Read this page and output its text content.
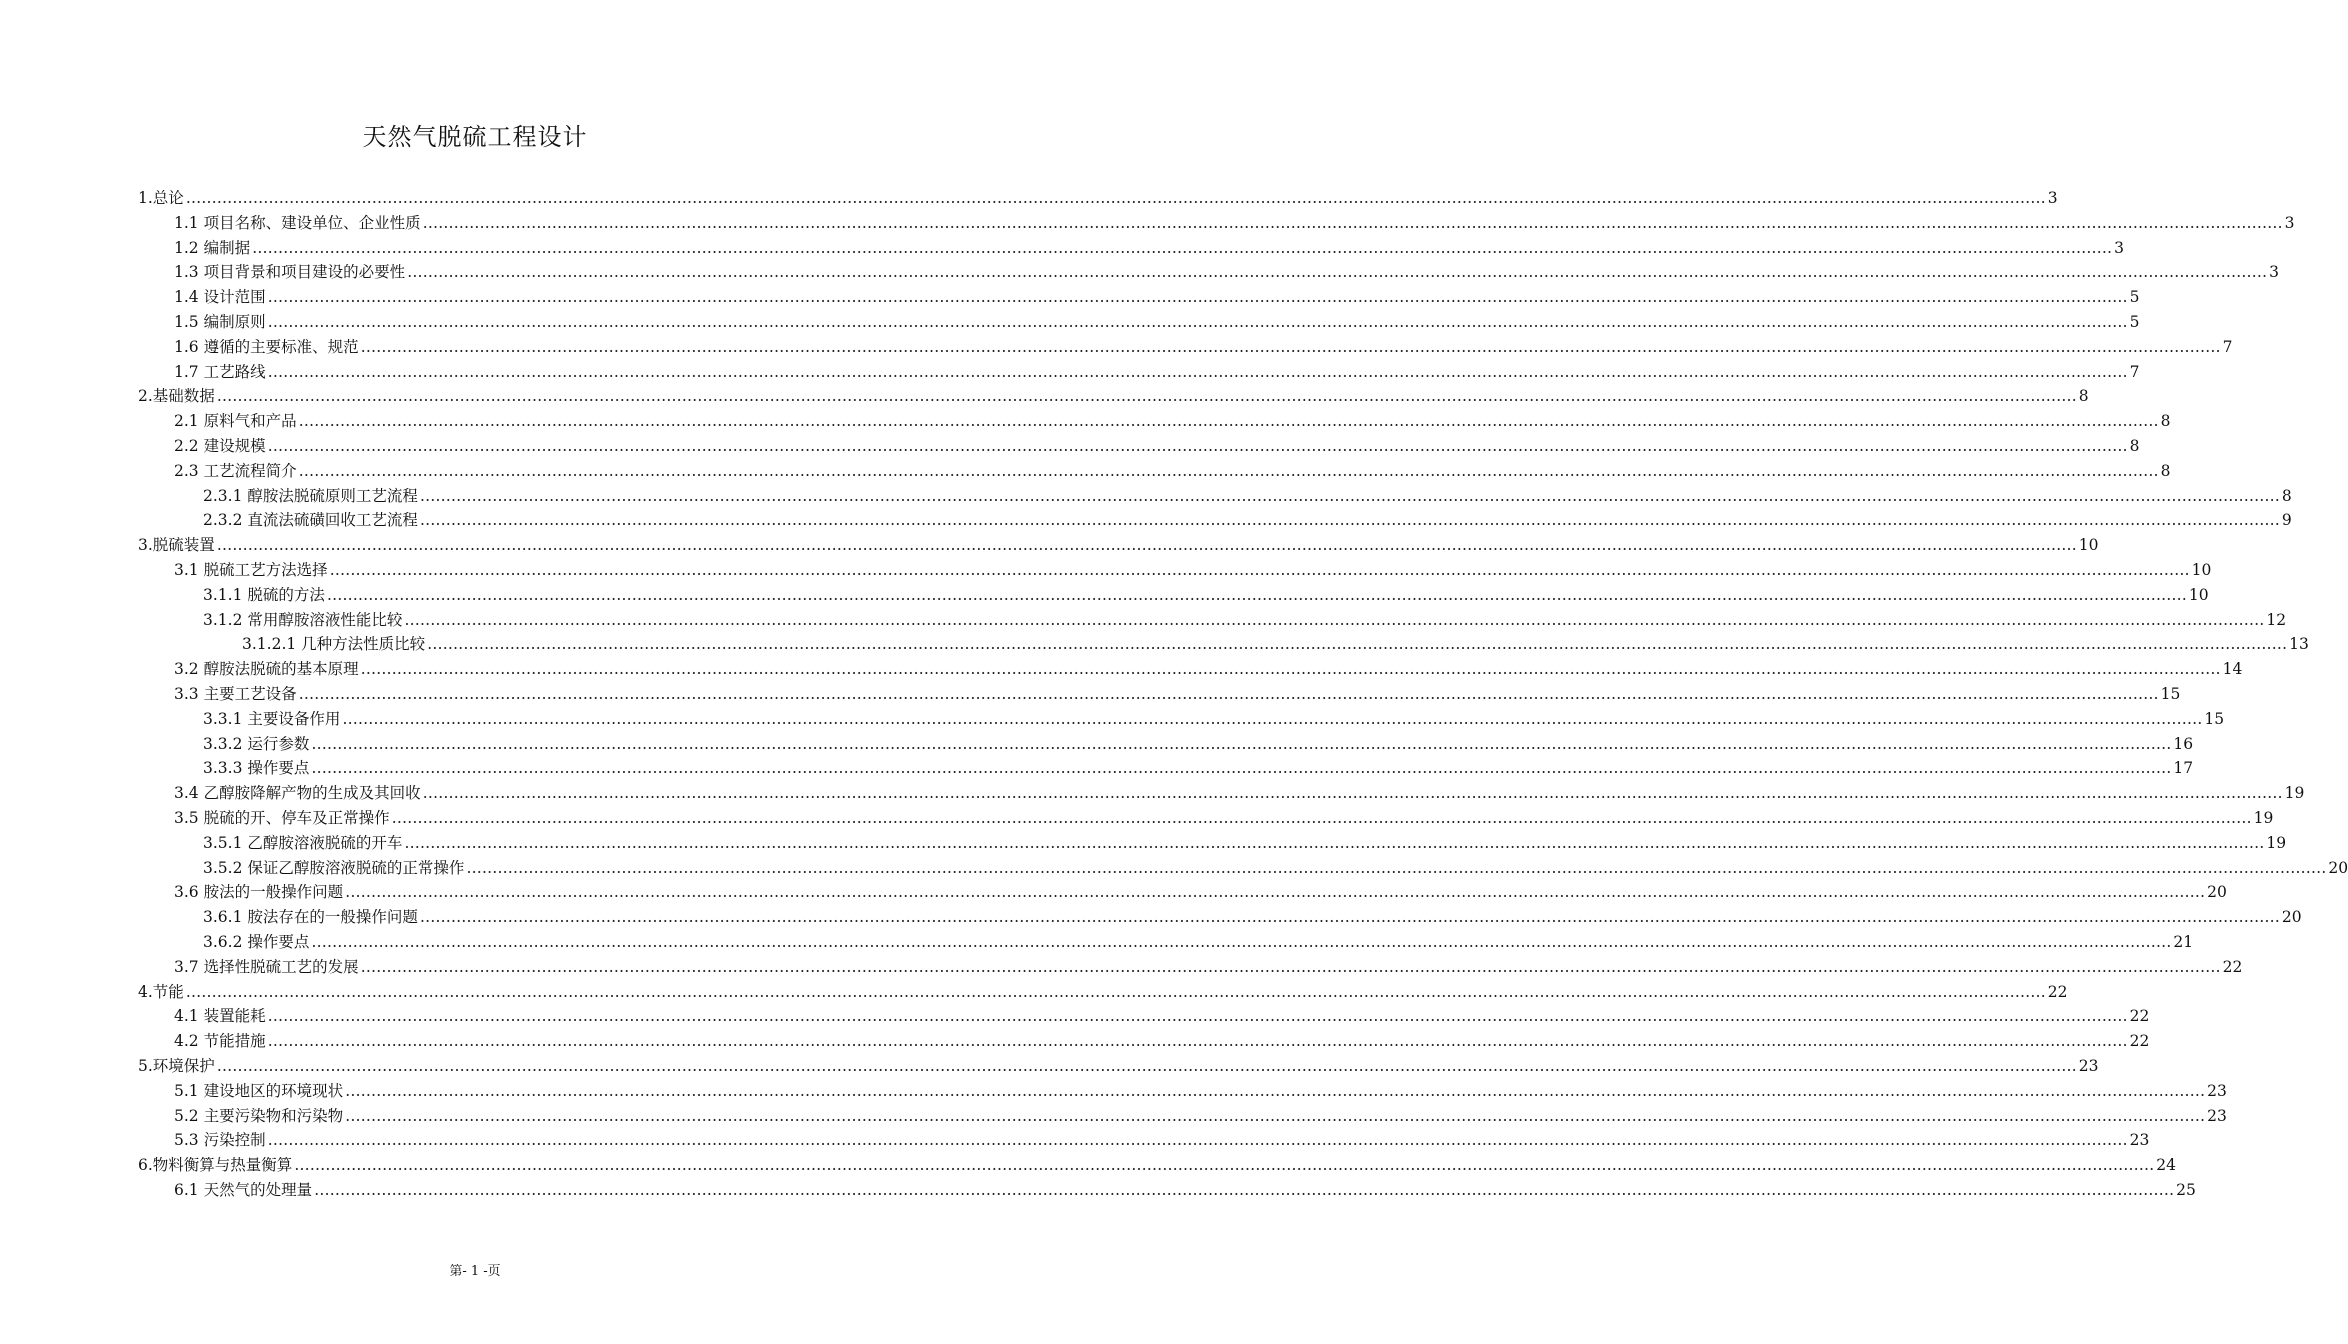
天然气脱硫工程设计
1.总论 ……………………………………………………………………………………………………………………………………………………………………………………………………………………………………………………………………………………………………………………………… 3
1.1 项目名称、建设单位、企业性质 ……………………………………………………………………………………………………………………………………………………………………………………………………………………………………………………………………………………………………………………………… 3
1.2 编制据 ……………………………………………………………………………………………………………………………………………………………………………………………………………………………………………………………………………………………………………………………… 3
1.3 项目背景和项目建设的必要性 ……………………………………………………………………………………………………………………………………………………………………………………………………………………………………………………………………………………………………………………………… 3
1.4 设计范围 ……………………………………………………………………………………………………………………………………………………………………………………………………………………………………………………………………………………………………………………………… 5
1.5 编制原则 ……………………………………………………………………………………………………………………………………………………………………………………………………………………………………………………………………………………………………………………………… 5
1.6 遵循的主要标准、规范 ……………………………………………………………………………………………………………………………………………………………………………………………………………………………………………………………………………………………………………………………… 7
1.7 工艺路线 ……………………………………………………………………………………………………………………………………………………………………………………………………………………………………………………………………………………………………………………………… 7
2.基础数据 ……………………………………………………………………………………………………………………………………………………………………………………………………………………………………………………………………………………………………………………………… 8
2.1 原料气和产品 ……………………………………………………………………………………………………………………………………………………………………………………………………………………………………………………………………………………………………………………………… 8
2.2 建设规模 ……………………………………………………………………………………………………………………………………………………………………………………………………………………………………………………………………………………………………………………………… 8
2.3 工艺流程简介 ……………………………………………………………………………………………………………………………………………………………………………………………………………………………………………………………………………………………………………………………… 8
2.3.1 醇胺法脱硫原则工艺流程 ……………………………………………………………………………………………………………………………………………………………………………………………………………………………………………………………………………………………………………………………… 8
2.3.2 直流法硫磺回收工艺流程 ……………………………………………………………………………………………………………………………………………………………………………………………………………………………………………………………………………………………………………………………… 9
3.脱硫装置 ……………………………………………………………………………………………………………………………………………………………………………………………………………………………………………………………………………………………………………………………… 10
3.1 脱硫工艺方法选择 ……………………………………………………………………………………………………………………………………………………………………………………………………………………………………………………………………………………………………………………………… 10
3.1.1 脱硫的方法 ……………………………………………………………………………………………………………………………………………………………………………………………………………………………………………………………………………………………………………………………… 10
3.1.2 常用醇胺溶液性能比较 ……………………………………………………………………………………………………………………………………………………………………………………………………………………………………………………………………………………………………………………………… 12
3.1.2.1 几种方法性质比较 ……………………………………………………………………………………………………………………………………………………………………………………………………………………………………………………………………………………………………………………………… 13
3.2 醇胺法脱硫的基本原理 ……………………………………………………………………………………………………………………………………………………………………………………………………………………………………………………………………………………………………………………………… 14
3.3 主要工艺设备 ……………………………………………………………………………………………………………………………………………………………………………………………………………………………………………………………………………………………………………………………… 15
3.3.1 主要设备作用 ……………………………………………………………………………………………………………………………………………………………………………………………………………………………………………………………………………………………………………………………… 15
3.3.2 运行参数 ……………………………………………………………………………………………………………………………………………………………………………………………………………………………………………………………………………………………………………………………… 16
3.3.3 操作要点 ……………………………………………………………………………………………………………………………………………………………………………………………………………………………………………………………………………………………………………………………… 17
3.4 乙醇胺降解产物的生成及其回收 ……………………………………………………………………………………………………………………………………………………………………………………………………………………………………………………………………………………………………………………………… 19
3.5 脱硫的开、停车及正常操作 ……………………………………………………………………………………………………………………………………………………………………………………………………………………………………………………………………………………………………………………………… 19
3.5.1 乙醇胺溶液脱硫的开车 ……………………………………………………………………………………………………………………………………………………………………………………………………………………………………………………………………………………………………………………………… 19
3.5.2 保证乙醇胺溶液脱硫的正常操作 ……………………………………………………………………………………………………………………………………………………………………………………………………………………………………………………………………………………………………………………………… 20
3.6 胺法的一般操作问题 ……………………………………………………………………………………………………………………………………………………………………………………………………………………………………………………………………………………………………………………………… 20
3.6.1 胺法存在的一般操作问题 ……………………………………………………………………………………………………………………………………………………………………………………………………………………………………………………………………………………………………………………………… 20
3.6.2 操作要点 ……………………………………………………………………………………………………………………………………………………………………………………………………………………………………………………………………………………………………………………………… 21
3.7 选择性脱硫工艺的发展 ……………………………………………………………………………………………………………………………………………………………………………………………………………………………………………………………………………………………………………………………… 22
4.节能 ……………………………………………………………………………………………………………………………………………………………………………………………………………………………………………………………………………………………………………………………… 22
4.1 装置能耗 ……………………………………………………………………………………………………………………………………………………………………………………………………………………………………………………………………………………………………………………………… 22
4.2 节能措施 ……………………………………………………………………………………………………………………………………………………………………………………………………………………………………………………………………………………………………………………………… 22
5.环境保护 ……………………………………………………………………………………………………………………………………………………………………………………………………………………………………………………………………………………………………………………………… 23
5.1 建设地区的环境现状 ……………………………………………………………………………………………………………………………………………………………………………………………………………………………………………………………………………………………………………………………… 23
5.2 主要污染物和污染物 ……………………………………………………………………………………………………………………………………………………………………………………………………………………………………………………………………………………………………………………………… 23
5.3 污染控制 ……………………………………………………………………………………………………………………………………………………………………………………………………………………………………………………………………………………………………………………………… 23
6.物料衡算与热量衡算 ……………………………………………………………………………………………………………………………………………………………………………………………………………………………………………………………………………………………………………………………… 24
6.1 天然气的处理量 ……………………………………………………………………………………………………………………………………………………………………………………………………………………………………………………………………………………………………………………………… 25
第- 1 -页
